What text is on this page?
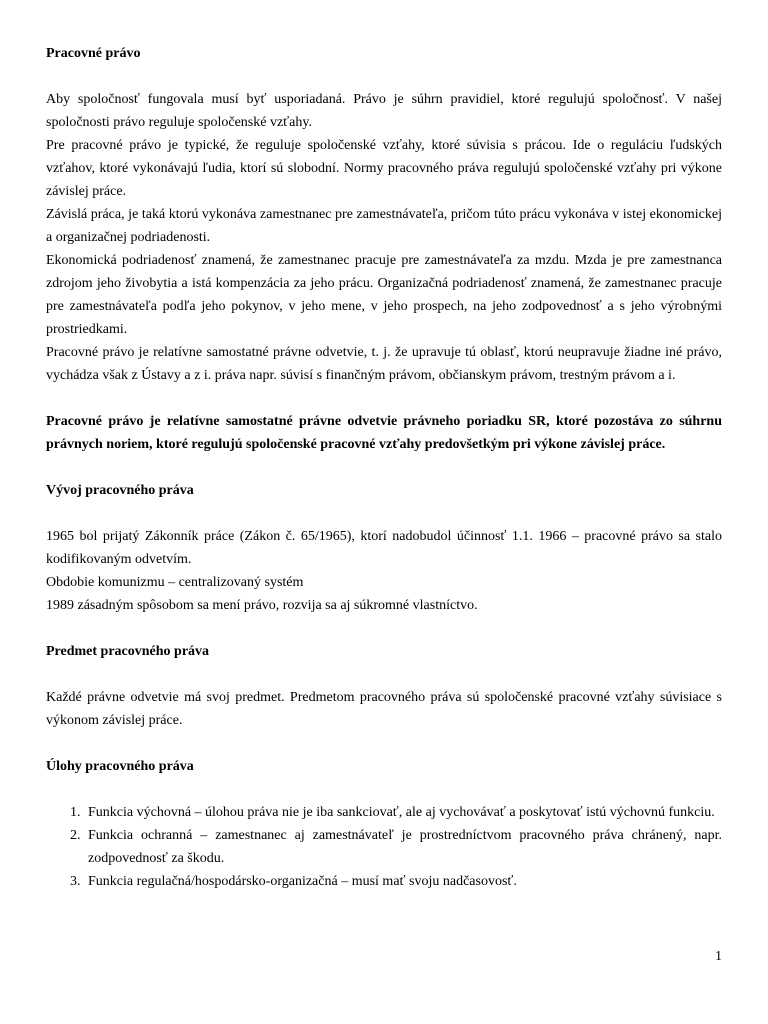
Pracovné právo

Aby spoločnosť fungovala musí byť usporiadaná. Právo je súhrn pravidiel, ktoré regulujú spoločnosť. V našej spoločnosti právo reguluje spoločenské vzťahy.

Pre pracovné právo je typické, že reguluje spoločenské vzťahy, ktoré súvisia s prácou. Ide o reguláciu ľudských vzťahov, ktoré vykonávajú ľudia, ktorí sú slobodní. Normy pracovného práva regulujú spoločenské vzťahy pri výkone závislej práce.

Závislá práca, je taká ktorú vykonáva zamestnanec pre zamestnávateľa, pričom túto prácu vykonáva v istej ekonomickej a organizačnej podriadenosti.

Ekonomická podriadenosť znamená, že zamestnanec pracuje pre zamestnávateľa za mzdu. Mzda je pre zamestnanca zdrojom jeho živobytia a istá kompenzácia za jeho prácu. Organizačná podriadenosť znamená, že zamestnanec pracuje pre zamestnávateľa podľa jeho pokynov, v jeho mene, v jeho prospech, na jeho zodpovednosť a s jeho výrobnými prostriedkami.

Pracovné právo je relatívne samostatné právne odvetvie, t. j. že upravuje tú oblasť, ktorú neupravuje žiadne iné právo, vychádza však z Ústavy a z i. práva napr. súvisí s finančným právom, občianskym právom, trestným právom a i.

Pracovné právo je relatívne samostatné právne odvetvie právneho poriadku SR, ktoré pozostáva zo súhrnu právnych noriem, ktoré regulujú spoločenské pracovné vzťahy predovšetkým pri výkone závislej práce.

Vývoj pracovného práva

1965 bol prijatý Zákonník práce (Zákon č. 65/1965), ktorí nadobudol účinnosť 1.1. 1966 – pracovné právo sa stalo kodifikovaným odvetvím.

Obdobie komunizmu – centralizovaný systém

1989 zásadným spôsobom sa mení právo, rozvija sa aj súkromné vlastníctvo.

Predmet pracovného práva

Každé právne odvetvie má svoj predmet. Predmetom pracovného práva sú spoločenské pracovné vzťahy súvisiace s výkonom závislej práce.

Úlohy pracovného práva

1. Funkcia výchovná – úlohou práva nie je iba sankciovať, ale aj vychovávať a poskytovať istú výchovnú funkciu.
2. Funkcia ochranná – zamestnanec aj zamestnávateľ je prostredníctvom pracovného práva chránený, napr. zodpovednosť za škodu.
3. Funkcia regulačná/hospodársko-organizačná – musí mať svoju nadčasovosť.
1
